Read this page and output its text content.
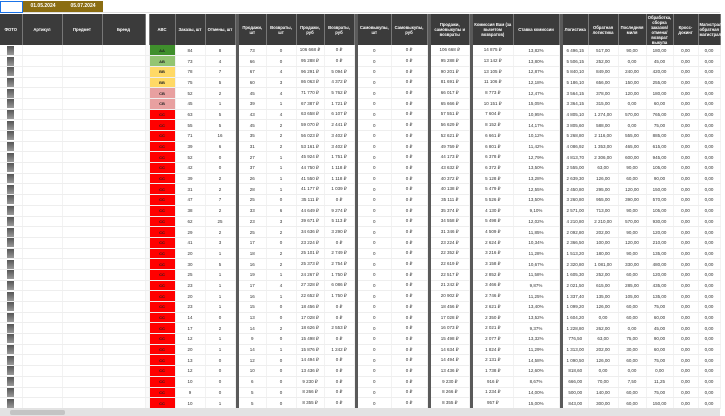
01.05.2024	05.07.2024
ФОТО	Артикул	Предмет	Бренд		ABC	Заказы, шт	Отмены, шт		Продажи, шт	Возвраты, шт	Продажи, руб	Возвраты, руб		Самовыкупы, шт	Самовыкупы, руб		Продажи, самовыкупы и возвраты		Комиссия Вам (за вычетом возвратов)	Ставка комиссии		Логистика	Обратная логистика	Последняя миля	Обработка, сборка заказов/ отмена/ возврат выкупа	Кросс-докинг	Магистраль, обратная магистраль
					AA	84	8		73	0	106 668 ₽	0 ₽		0	0 ₽		106 668 ₽		14 875 ₽	13,82%		6 496,15	517,00	90,00	180,00	0,00	0,00
					AB	73	4		66	0	95 288 ₽	0 ₽		0	0 ₽		95 288 ₽		13 142 ₽	13,80%		5 506,15	252,00	0,00	45,00	0,00	0,00
					BB	78	7		67	4	96 291 ₽	5 094 ₽		0	0 ₽		90 201 ₽		13 105 ₽	12,87%		5 840,10	849,00	240,00	420,00	0,00	0,00
					BB	75	5		60	3	86 063 ₽	4 372 ₽		0	0 ₽		81 691 ₽		11 106 ₽	12,18%		5 186,10	656,00	150,00	255,00	0,00	0,00
					CB	52	2		45	4	71 770 ₽	5 762 ₽		0	0 ₽		66 017 ₽		8 773 ₽	12,47%		3 564,15	378,00	120,00	180,00	0,00	0,00
					CB	45	1		39	1	67 387 ₽	1 721 ₽		0	0 ₽		65 666 ₽		10 151 ₽	15,05%		3 364,15	315,00	0,00	60,00	0,00	0,00
					CC	63	5		43	4	63 658 ₽	6 107 ₽		0	0 ₽		57 551 ₽		7 604 ₽	10,95%		4 805,10	1 274,00	570,00	765,00	0,00	0,00
					CC	55	5		45	2	59 070 ₽	2 441 ₽		0	0 ₽		56 629 ₽		8 152 ₽	14,17%		3 805,60	588,00	0,00	75,00	0,00	0,00
					CC	71	16		35	2	56 023 ₽	3 402 ₽		0	0 ₽		52 621 ₽		6 661 ₽	10,12%		5 268,80	2 116,00	555,00	885,00	0,00	0,00
					CC	39	6		31	2	53 161 ₽	3 402 ₽		0	0 ₽		49 759 ₽		6 801 ₽	11,42%		4 086,92	1 353,00	465,00	615,00	0,00	0,00
					CC	52	0		27	1	45 924 ₽	1 751 ₽		0	0 ₽		44 173 ₽		6 378 ₽	12,79%		4 813,70	2 306,00	600,00	945,00	0,00	0,00
					CC	42	0		37	1	44 750 ₽	1 118 ₽		0	0 ₽		43 632 ₽		6 372 ₽	13,50%		2 555,00	63,00	90,00	105,00	0,00	0,00
					CC	39	2		26	1	41 550 ₽	1 118 ₽		0	0 ₽		40 372 ₽		5 128 ₽	13,28%		2 639,30	126,00	60,00	90,00	0,00	0,00
					CC	31	2		28	1	41 177 ₽	1 039 ₽		0	0 ₽		40 138 ₽		5 479 ₽	12,55%		2 450,80	295,00	120,00	150,00	0,00	0,00
					CC	47	7		25	0	35 111 ₽	0 ₽		0	0 ₽		35 111 ₽		5 526 ₽	13,50%		3 260,80	955,00	390,00	570,00	0,00	0,00
					CC	38	2		33	6	44 649 ₽	9 274 ₽		0	0 ₽		35 374 ₽		4 130 ₽	9,10%		2 571,00	713,00	90,00	105,00	0,00	0,00
					CC	62	25		23	3	39 671 ₽	5 113 ₽		0	0 ₽		34 558 ₽		5 498 ₽	12,02%		4 210,80	2 210,00	570,00	930,00	0,00	0,00
					CC	29	2		25	2	34 636 ₽	3 290 ₽		0	0 ₽		31 346 ₽		4 509 ₽	11,85%		2 092,80	202,00	90,00	120,00	0,00	0,00
					CC	41	3		17	0	23 224 ₽	0 ₽		0	0 ₽		23 224 ₽		2 624 ₽	10,34%		2 366,50	100,00	120,00	210,00	0,00	0,00
					CC	20	1		18	2	25 101 ₽	2 749 ₽		0	0 ₽		22 352 ₽		3 216 ₽	11,28%		1 513,20	180,00	90,00	135,00	0,00	0,00
					CC	30	5		16	2	25 373 ₽	2 754 ₽		0	0 ₽		22 619 ₽		3 158 ₽	10,67%		2 320,80	1 081,00	330,00	480,00	0,00	0,00
					CC	25	1		19	1	24 267 ₽	1 750 ₽		0	0 ₽		22 517 ₽		2 852 ₽	11,58%		1 605,30	252,00	60,00	120,00	0,00	0,00
					CC	23	1		17	4	27 328 ₽	6 086 ₽		0	0 ₽		21 242 ₽		3 466 ₽	9,87%		2 021,50	615,00	285,00	435,00	0,00	0,00
					CC	20	1		16	1	22 652 ₽	1 750 ₽		0	0 ₽		20 902 ₽		2 746 ₽	11,25%		1 337,40	135,00	105,00	135,00	0,00	0,00
					CC	23	1		15	0	18 456 ₽	0 ₽		0	0 ₽		18 456 ₽		2 621 ₽	13,40%		1 099,20	126,00	60,00	75,00	0,00	0,00
					CC	14	0		13	0	17 028 ₽	0 ₽		0	0 ₽		17 028 ₽		2 350 ₽	13,52%		1 604,20	0,00	60,00	60,00	0,00	0,00
					CC	17	2		14	2	18 626 ₽	2 553 ₽		0	0 ₽		16 073 ₽		2 021 ₽	9,37%		1 228,80	262,00	0,00	45,00	0,00	0,00
					CC	12	1		9	0	15 498 ₽	0 ₽		0	0 ₽		15 498 ₽		2 077 ₽	13,32%		776,50	63,00	75,00	90,00	0,00	0,00
					CC	20	1		14	1	15 876 ₽	1 242 ₽		0	0 ₽		14 634 ₽		1 824 ₽	11,29%		1 313,00	202,00	30,00	60,00	0,00	0,00
					CC	13	0		12	0	14 494 ₽	0 ₽		0	0 ₽		14 494 ₽		2 131 ₽	14,58%		1 090,50	126,00	60,00	75,00	0,00	0,00
					CC	12	0		10	0	13 436 ₽	0 ₽		0	0 ₽		13 436 ₽		1 738 ₽	12,60%		818,60	0,00	0,00	0,00	0,00	0,00
					CC	10	0		6	0	9 230 ₽	0 ₽		0	0 ₽		9 230 ₽		916 ₽	8,67%		666,00	70,00	7,50	11,25	0,00	0,00
					CC	9	0		5	0	8 266 ₽	0 ₽		0	0 ₽		8 266 ₽		1 234 ₽	14,00%		500,00	140,00	60,00	75,00	0,00	0,00
					CC	10	1		5	0	8 355 ₽	0 ₽		0	0 ₽		8 355 ₽		957 ₽	15,00%		843,00	300,00	60,00	150,00	0,00	0,00
